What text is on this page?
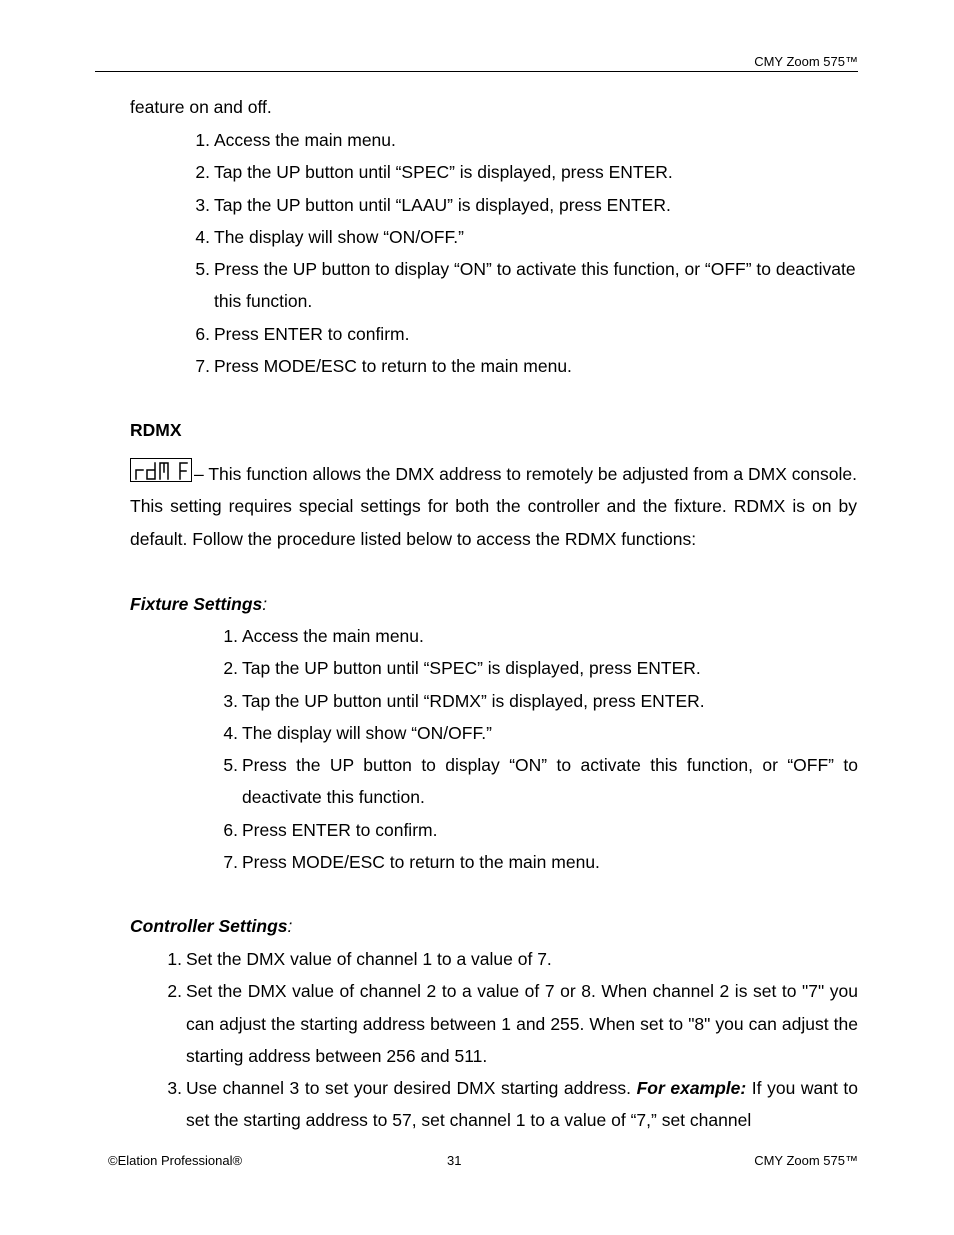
CMY Zoom 575™
feature on and off.
1. Access the main menu.
2. Tap the UP button until “SPEC” is displayed, press ENTER.
3. Tap the UP button until “LAAU” is displayed, press ENTER.
4. The display will show “ON/OFF.”
5. Press the UP button to display “ON” to activate this function, or “OFF” to deactivate this function.
6. Press ENTER to confirm.
7. Press MODE/ESC to return to the main menu.
RDMX
– This function allows the DMX address to remotely be adjusted from a DMX console. This setting requires special settings for both the controller and the fixture. RDMX is on by default. Follow the procedure listed below to access the RDMX functions:
Fixture Settings:
1. Access the main menu.
2. Tap the UP button until “SPEC” is displayed, press ENTER.
3. Tap the UP button until “RDMX” is displayed, press ENTER.
4. The display will show “ON/OFF.”
5. Press the UP button to display “ON” to activate this function, or “OFF” to deactivate this function.
6. Press ENTER to confirm.
7. Press MODE/ESC to return to the main menu.
Controller Settings:
1. Set the DMX value of channel 1 to a value of 7.
2. Set the DMX value of channel 2 to a value of 7 or 8. When channel 2 is set to "7" you can adjust the starting address between 1 and 255. When set to "8" you can adjust the starting address between 256 and 511.
3. Use channel 3 to set your desired DMX starting address. For example: If you want to set the starting address to 57, set channel 1 to a value of “7,” set channel
©Elation Professional®	31	CMY Zoom 575™
